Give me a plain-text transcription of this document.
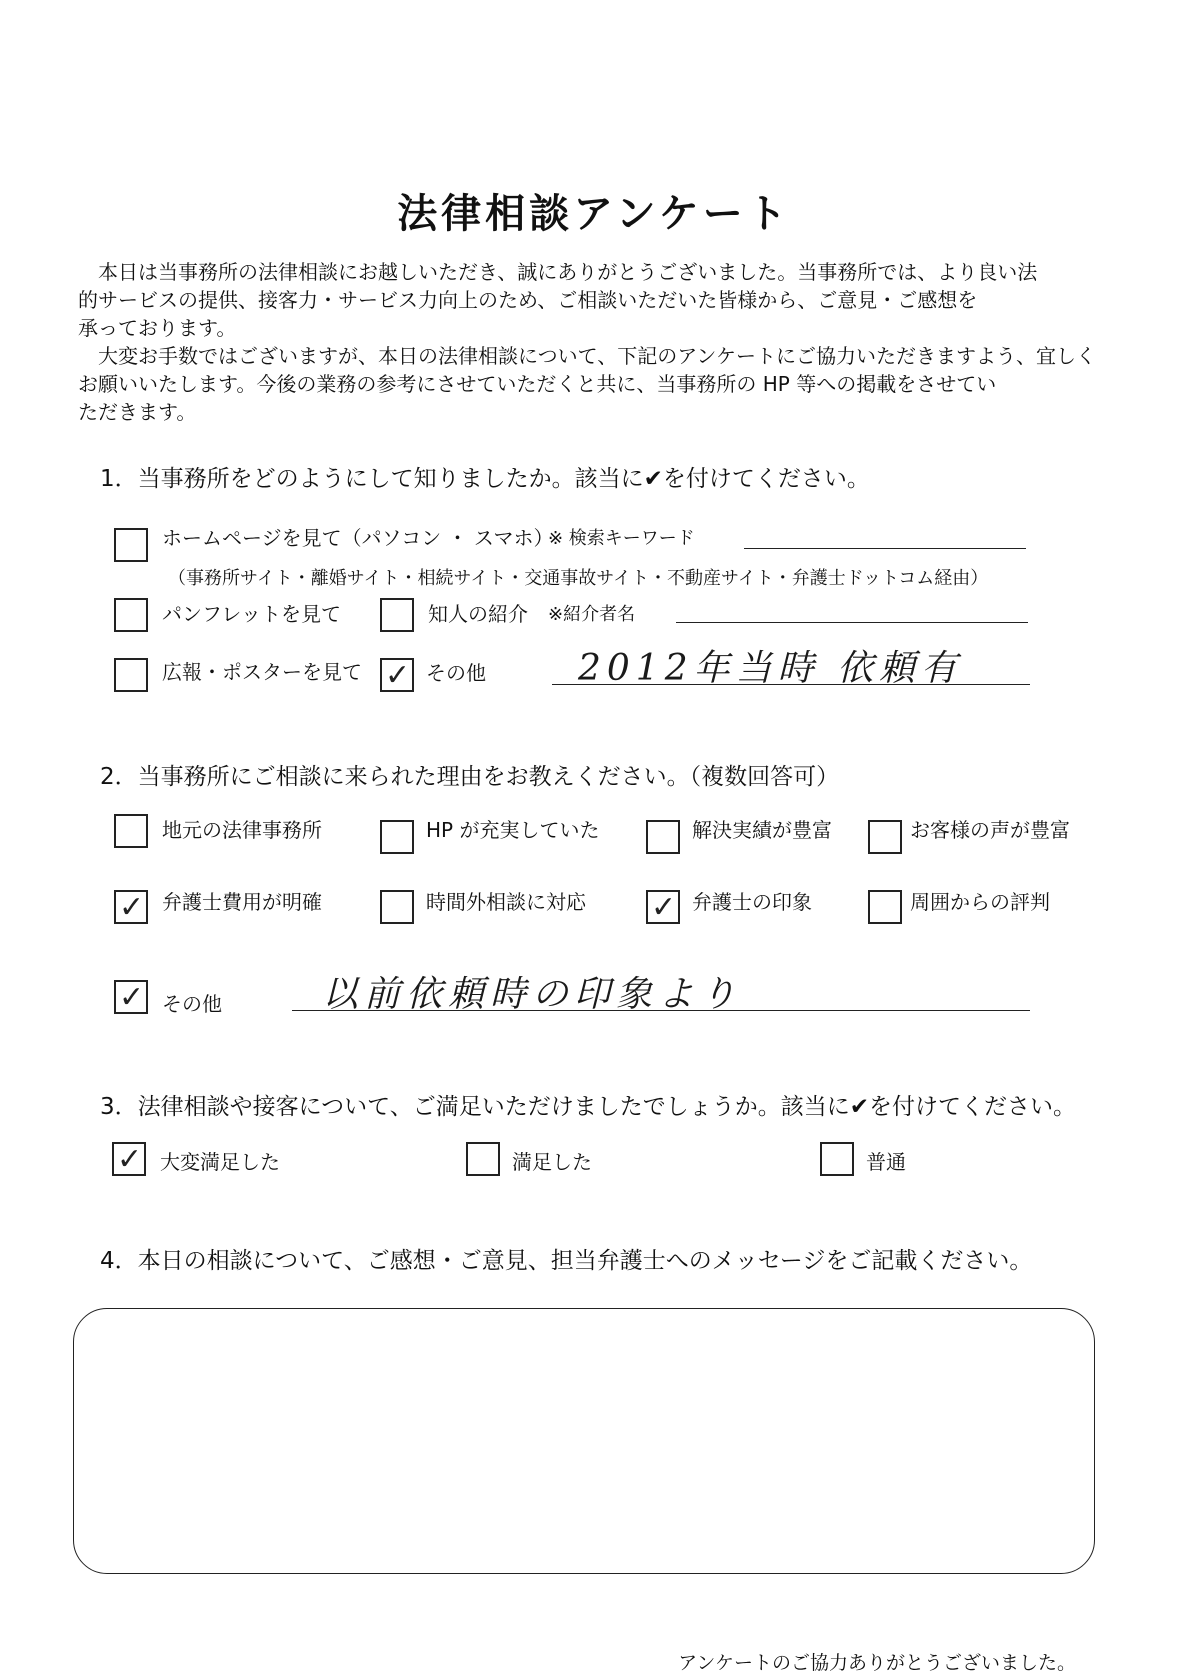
法律相談アンケート
本日は当事務所の法律相談にお越しいただき、誠にありがとうございました。当事務所では、より良い法
的サービスの提供、接客力・サービス力向上のため、ご相談いただいた皆様から、ご意見・ご感想を
承っております。
大変お手数ではございますが、本日の法律相談について、下記のアンケートにご協力いただきますよう、宜しく
お願いいたします。今後の業務の参考にさせていただくと共に、当事務所の HP 等への掲載をさせてい
ただきます。
1．当事務所をどのようにして知りましたか。該当に✔を付けてください。
ホームページを見て（パソコン ・ スマホ）
※ 検索キーワード
（事務所サイト・離婚サイト・相続サイト・交通事故サイト・不動産サイト・弁護士ドットコム経由）
パンフレットを見て	知人の紹介 ※紹介者名
広報・ポスターを見て ✓ その他	2012年当時 依頼有
2．当事務所にご相談に来られた理由をお教えください。（複数回答可）
地元の法律事務所	HP が充実していた	解決実績が豊富	お客様の声が豊富
✓ 弁護士費用が明確	時間外相談に対応 ✓ 弁護士の印象	周囲からの評判
✓ その他	以前依頼時の印象より
3．法律相談や接客について、ご満足いただけましたでしょうか。該当に✔を付けてください。
✓ 大変満足した	満足した	普通
4．本日の相談について、ご感想・ご意見、担当弁護士へのメッセージをご記載ください。
アンケートのご協力ありがとうございました。
